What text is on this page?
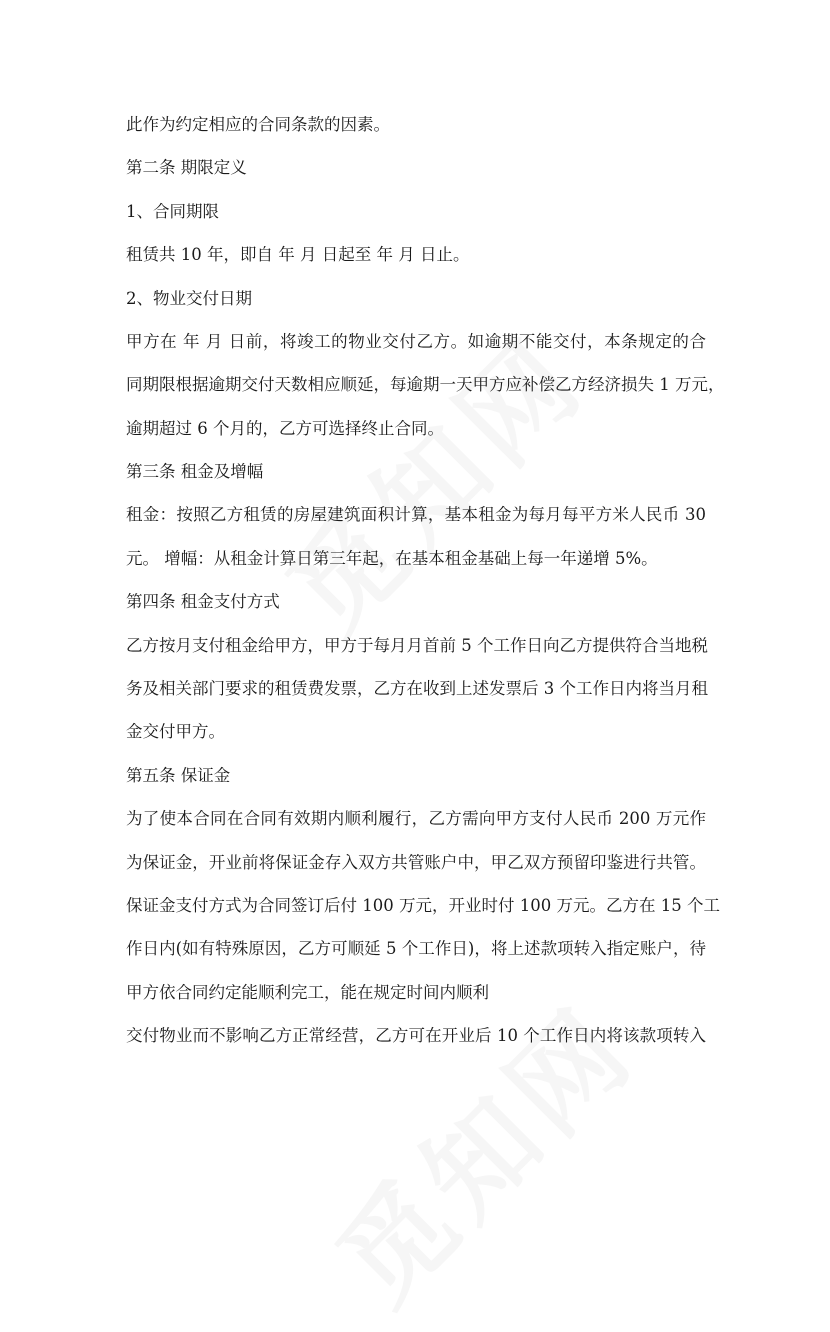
此作为约定相应的合同条款的因素。
第二条 期限定义
1、合同期限
租赁共 10 年，即自 年 月 日起至 年 月 日止。
2、物业交付日期
甲方在 年 月 日前，将竣工的物业交付乙方。如逾期不能交付，本条规定的合
同期限根据逾期交付天数相应顺延，每逾期一天甲方应补偿乙方经济损失 1 万元，
逾期超过 6 个月的，乙方可选择终止合同。
第三条 租金及增幅
租金：按照乙方租赁的房屋建筑面积计算，基本租金为每月每平方米人民币 30
元。 增幅：从租金计算日第三年起，在基本租金基础上每一年递增 5%。
第四条 租金支付方式
乙方按月支付租金给甲方，甲方于每月月首前 5 个工作日向乙方提供符合当地税
务及相关部门要求的租赁费发票，乙方在收到上述发票后 3 个工作日内将当月租
金交付甲方。
第五条 保证金
为了使本合同在合同有效期内顺利履行，乙方需向甲方支付人民币 200 万元作
为保证金，开业前将保证金存入双方共管账户中，甲乙双方预留印鉴进行共管。
保证金支付方式为合同签订后付 100 万元，开业时付 100 万元。乙方在 15 个工
作日内(如有特殊原因，乙方可顺延 5 个工作日)，将上述款项转入指定账户，待
甲方依合同约定能顺利完工，能在规定时间内顺利
交付物业而不影响乙方正常经营，乙方可在开业后 10 个工作日内将该款项转入
